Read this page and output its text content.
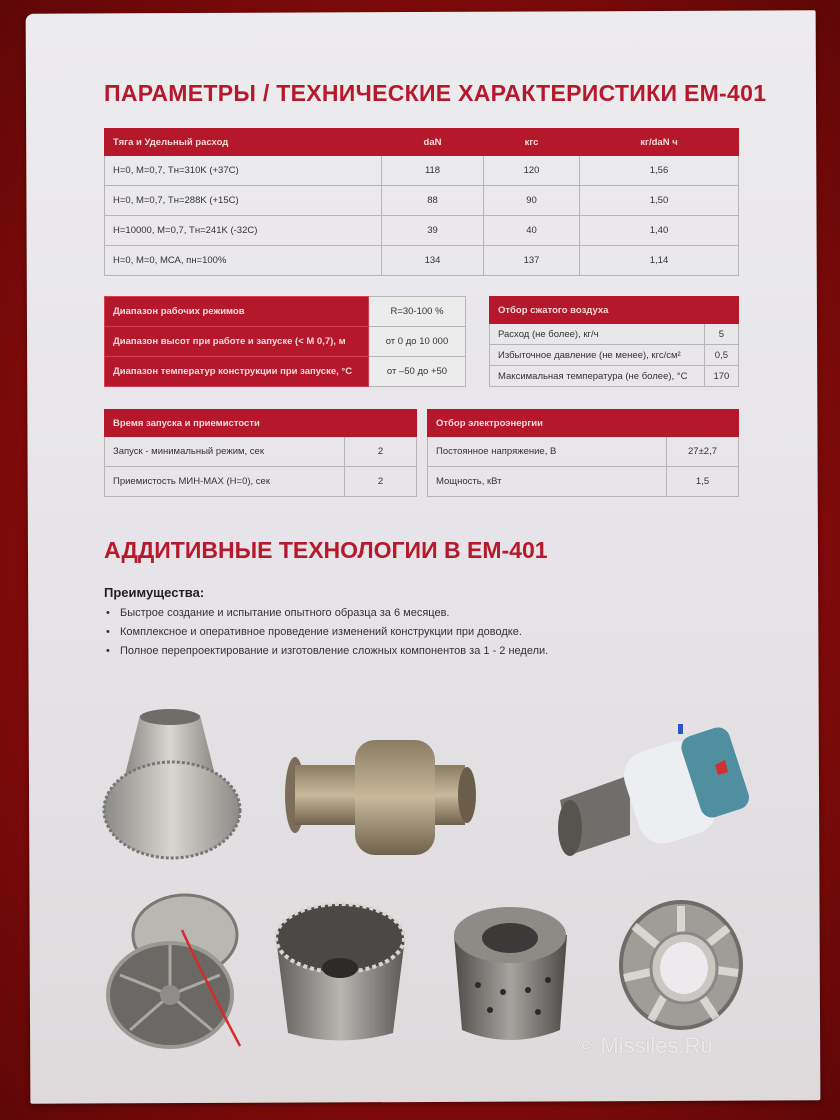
ПАРАМЕТРЫ / ТЕХНИЧЕСКИЕ ХАРАКТЕРИСТИКИ ЕМ-401
Тяга и Удельный расход	daN	кгс	кг/daN ч
H=0, M=0,7, Тн=310K (+37C)	118	120	1,56
H=0, M=0,7, Тн=288K (+15C)	88	90	1,50
H=10000, M=0,7, Тн=241K (-32C)	39	40	1,40
H=0, M=0, МСА, пн=100%	134	137	1,14
Диапазон рабочих режимов	R=30-100 %
Диапазон высот при работе и запуске (< M 0,7), м	от 0 до 10 000
Диапазон температур конструкции при запуске, °С	от –50 до +50
Отбор сжатого воздуха	
Расход (не более), кг/ч	5
Избыточное давление (не менее), кгс/см²	0,5
Максимальная температура (не более), °С	170
Время запуска и приемистости	
Запуск - минимальный режим, сек	2
Приемистость МИН-МАХ (H=0), сек	2
Отбор электроэнергии	
Постоянное напряжение, В	27±2,7
Мощность, кВт	1,5
АДДИТИВНЫЕ ТЕХНОЛОГИИ В ЕМ-401
Преимущества:
• Быстрое создание и испытание опытного образца за 6 месяцев.
• Комплексное и оперативное проведение изменений конструкции при доводке.
• Полное перепроектирование и изготовление сложных компонентов за 1 - 2 недели.
© Missiles.Ru
